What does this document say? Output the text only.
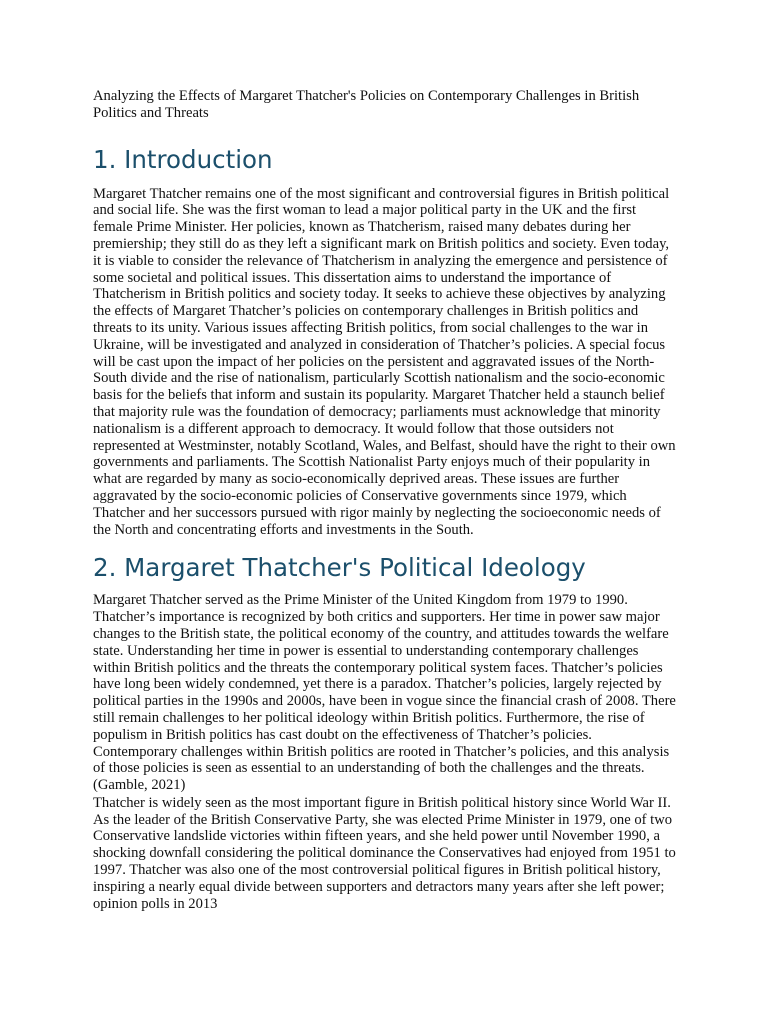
Analyzing the Effects of Margaret Thatcher's Policies on Contemporary Challenges in British Politics and Threats

1. Introduction

Margaret Thatcher remains one of the most significant and controversial figures in British political and social life. She was the first woman to lead a major political party in the UK and the first female Prime Minister. Her policies, known as Thatcherism, raised many debates during her premiership; they still do as they left a significant mark on British politics and society. Even today, it is viable to consider the relevance of Thatcherism in analyzing the emergence and persistence of some societal and political issues. This dissertation aims to understand the importance of Thatcherism in British politics and society today. It seeks to achieve these objectives by analyzing the effects of Margaret Thatcher’s policies on contemporary challenges in British politics and threats to its unity. Various issues affecting British politics, from social challenges to the war in Ukraine, will be investigated and analyzed in consideration of Thatcher’s policies. A special focus will be cast upon the impact of her policies on the persistent and aggravated issues of the North-South divide and the rise of nationalism, particularly Scottish nationalism and the socio-economic basis for the beliefs that inform and sustain its popularity. Margaret Thatcher held a staunch belief that majority rule was the foundation of democracy; parliaments must acknowledge that minority nationalism is a different approach to democracy. It would follow that those outsiders not represented at Westminster, notably Scotland, Wales, and Belfast, should have the right to their own governments and parliaments. The Scottish Nationalist Party enjoys much of their popularity in what are regarded by many as socio-economically deprived areas. These issues are further aggravated by the socio-economic policies of Conservative governments since 1979, which Thatcher and her successors pursued with rigor mainly by neglecting the socioeconomic needs of the North and concentrating efforts and investments in the South.

2. Margaret Thatcher's Political Ideology

Margaret Thatcher served as the Prime Minister of the United Kingdom from 1979 to 1990. Thatcher’s importance is recognized by both critics and supporters. Her time in power saw major changes to the British state, the political economy of the country, and attitudes towards the welfare state. Understanding her time in power is essential to understanding contemporary challenges within British politics and the threats the contemporary political system faces. Thatcher’s policies have long been widely condemned, yet there is a paradox. Thatcher’s policies, largely rejected by political parties in the 1990s and 2000s, have been in vogue since the financial crash of 2008. There still remain challenges to her political ideology within British politics. Furthermore, the rise of populism in British politics has cast doubt on the effectiveness of Thatcher’s policies. Contemporary challenges within British politics are rooted in Thatcher’s policies, and this analysis of those policies is seen as essential to an understanding of both the challenges and the threats. (Gamble, 2021)

Thatcher is widely seen as the most important figure in British political history since World War II. As the leader of the British Conservative Party, she was elected Prime Minister in 1979, one of two Conservative landslide victories within fifteen years, and she held power until November 1990, a shocking downfall considering the political dominance the Conservatives had enjoyed from 1951 to 1997. Thatcher was also one of the most controversial political figures in British political history, inspiring a nearly equal divide between supporters and detractors many years after she left power; opinion polls in 2013
